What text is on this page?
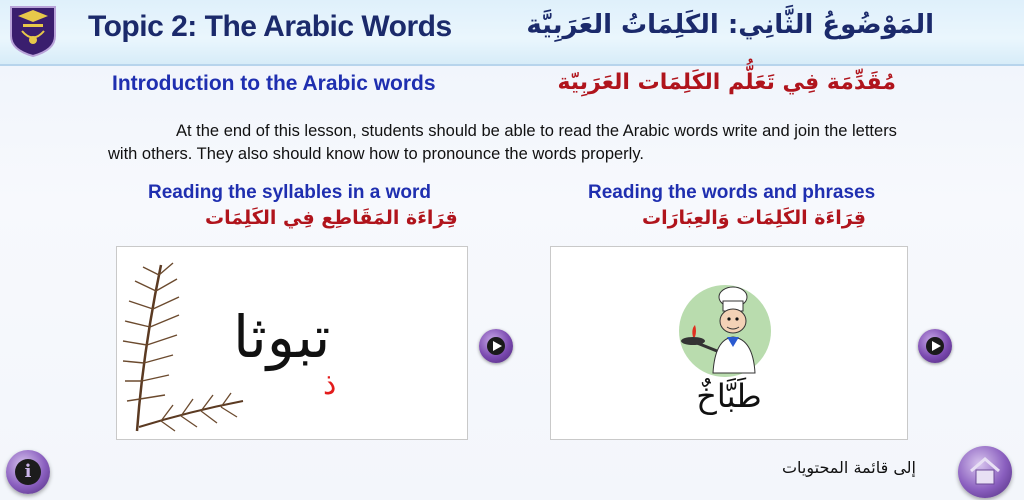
Topic 2: The Arabic Words	المَوْضُوعُ الثَّانِي: الكَلِمَاتُ العَرَبِيَّة
Introduction to the Arabic words	مُقَدِّمَة فِي تَعَلُّم الكَلِمَات العَرَبِيّة
At the end of this lesson, students should be able to read the Arabic words write and join the letters with others. They also should know how to pronounce the words properly.
Reading the syllables in a word
قِرَاءَة المَقَاطِع فِي الكَلِمَات
تبوثا
ذ
Reading the words and phrases
قِرَاءَة الكَلِمَات وَالعِبَارَات
طَبَّاخٌ
i	إلى قائمة المحتويات
